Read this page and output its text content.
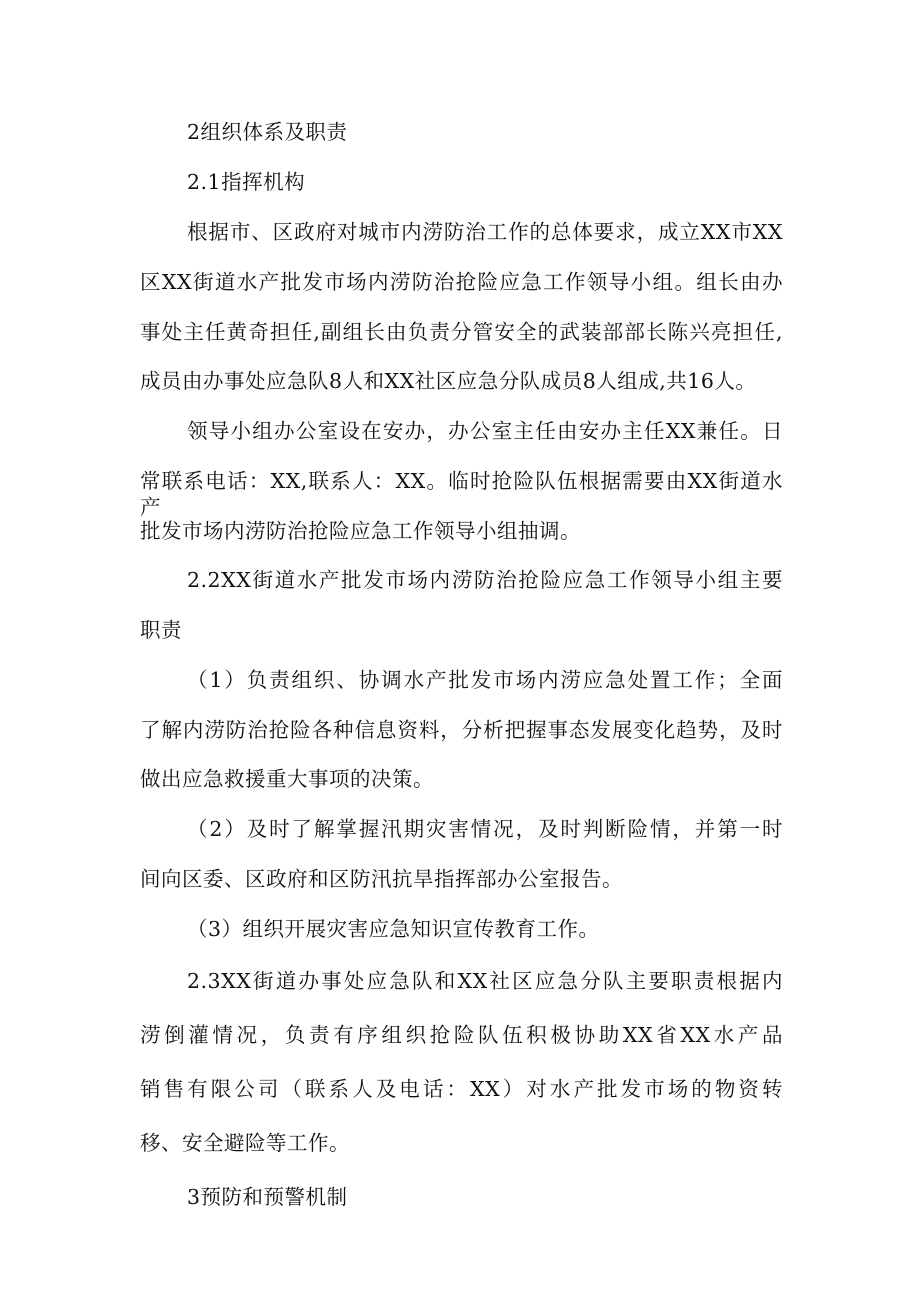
2组织体系及职责
2.1指挥机构
根据市、区政府对城市内涝防治工作的总体要求，成立XX市XX
区XX街道水产批发市场内涝防治抢险应急工作领导小组。组长由办
事处主任黄奇担任,副组长由负责分管安全的武装部部长陈兴亮担任,
成员由办事处应急队8人和XX社区应急分队成员8人组成,共16人。
领导小组办公室设在安办，办公室主任由安办主任XX兼任。日
常联系电话：XX,联系人：XX。临时抢险队伍根据需要由XX街道水产
批发市场内涝防治抢险应急工作领导小组抽调。
2.2XX街道水产批发市场内涝防治抢险应急工作领导小组主要
职责
（1）负责组织、协调水产批发市场内涝应急处置工作；全面
了解内涝防治抢险各种信息资料，分析把握事态发展变化趋势，及时
做出应急救援重大事项的决策。
（2）及时了解掌握汛期灾害情况，及时判断险情，并第一时
间向区委、区政府和区防汛抗旱指挥部办公室报告。
（3）组织开展灾害应急知识宣传教育工作。
2.3XX街道办事处应急队和XX社区应急分队主要职责根据内
涝倒灌情况，负责有序组织抢险队伍积极协助XX省XX水产品
销售有限公司（联系人及电话：XX）对水产批发市场的物资转
移、安全避险等工作。
3预防和预警机制
